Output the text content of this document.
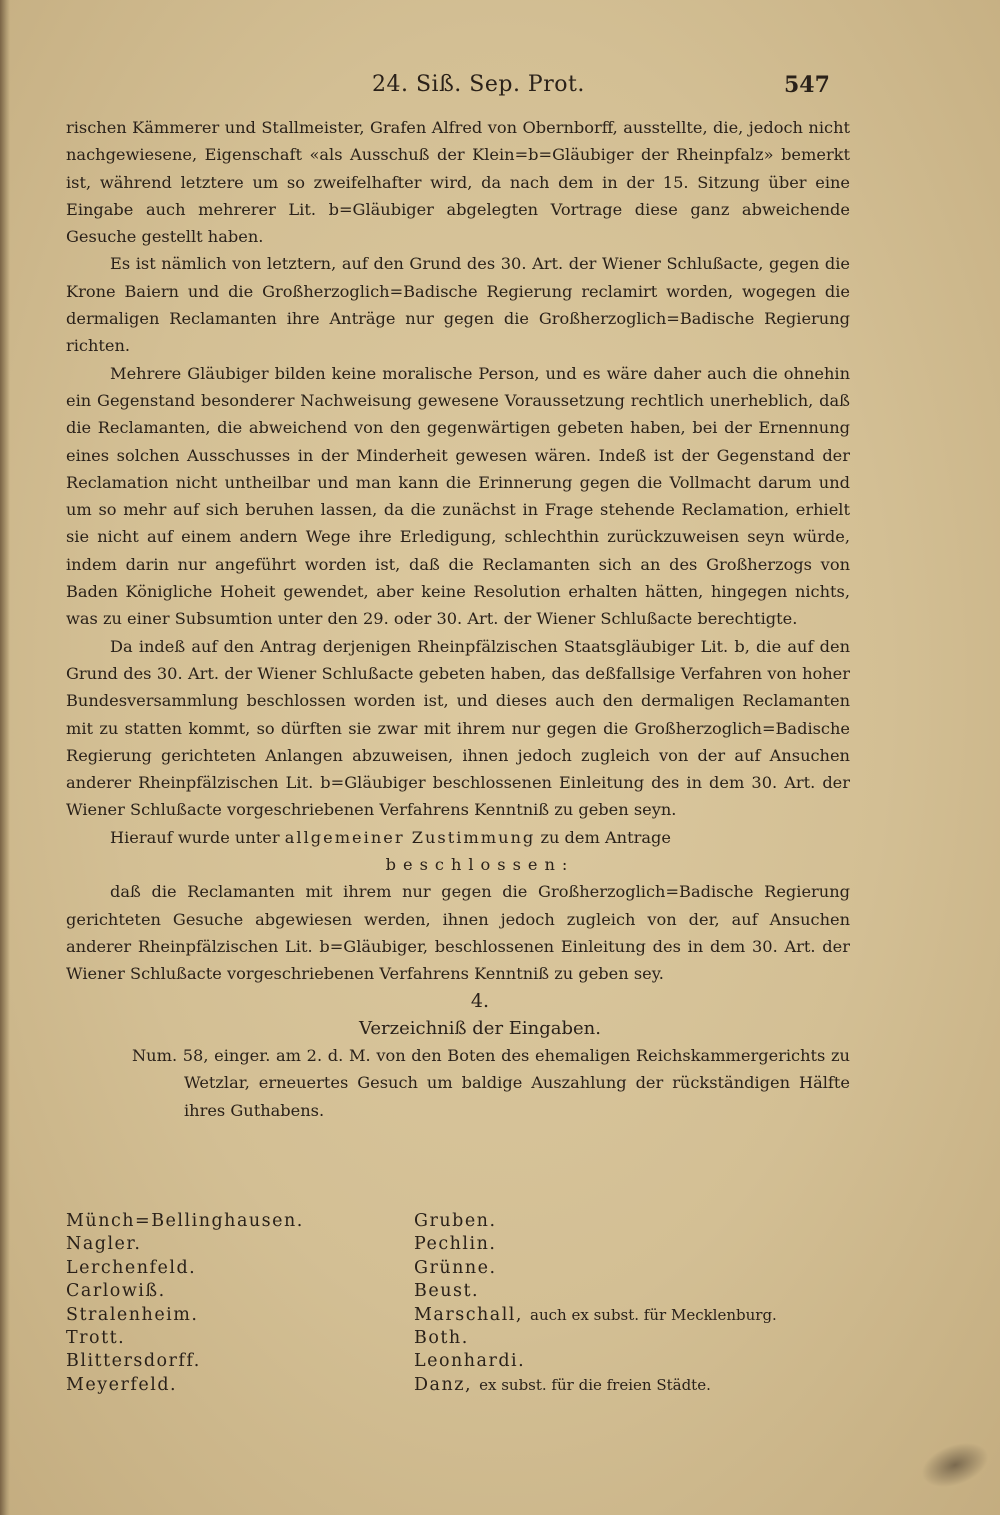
24. Siß. Sep. Prot.	547

rischen Kämmerer und Stallmeister, Grafen Alfred von Obernborff, ausstellte, die, jedoch nicht nachgewiesene, Eigenschaft «als Ausschuß der Klein=b=Gläubiger der Rheinpfalz» bemerkt ist, während letztere um so zweifelhafter wird, da nach dem in der 15. Sitzung über eine Eingabe auch mehrerer Lit. b=Gläubiger abgelegten Vortrage diese ganz abweichende Gesuche gestellt haben.

Es ist nämlich von letztern, auf den Grund des 30. Art. der Wiener Schlußacte, gegen die Krone Baiern und die Großherzoglich=Badische Regierung reclamirt worden, wogegen die dermaligen Reclamanten ihre Anträge nur gegen die Großherzoglich=Badische Regierung richten.

Mehrere Gläubiger bilden keine moralische Person, und es wäre daher auch die ohnehin ein Gegenstand besonderer Nachweisung gewesene Voraussetzung rechtlich unerheblich, daß die Reclamanten, die abweichend von den gegenwärtigen gebeten haben, bei der Ernennung eines solchen Ausschusses in der Minderheit gewesen wären. Indeß ist der Gegenstand der Reclamation nicht untheilbar und man kann die Erinnerung gegen die Vollmacht darum und um so mehr auf sich beruhen lassen, da die zunächst in Frage stehende Reclamation, erhielt sie nicht auf einem andern Wege ihre Erledigung, schlechthin zurückzuweisen seyn würde, indem darin nur angeführt worden ist, daß die Reclamanten sich an des Großherzogs von Baden Königliche Hoheit gewendet, aber keine Resolution erhalten hätten, hingegen nichts, was zu einer Subsumtion unter den 29. oder 30. Art. der Wiener Schlußacte berechtigte.

Da indeß auf den Antrag derjenigen Rheinpfälzischen Staatsgläubiger Lit. b, die auf den Grund des 30. Art. der Wiener Schlußacte gebeten haben, das deßfallsige Verfahren von hoher Bundesversammlung beschlossen worden ist, und dieses auch den dermaligen Reclamanten mit zu statten kommt, so dürften sie zwar mit ihrem nur gegen die Großherzoglich=Badische Regierung gerichteten Anlangen abzuweisen, ihnen jedoch zugleich von der auf Ansuchen anderer Rheinpfälzischen Lit. b=Gläubiger beschlossenen Einleitung des in dem 30. Art. der Wiener Schlußacte vorgeschriebenen Verfahrens Kenntniß zu geben seyn.

Hierauf wurde unter allgemeiner Zustimmung zu dem Antrage

beschlossen:

daß die Reclamanten mit ihrem nur gegen die Großherzoglich=Badische Regierung gerichteten Gesuche abgewiesen werden, ihnen jedoch zugleich von der, auf Ansuchen anderer Rheinpfälzischen Lit. b=Gläubiger, beschlossenen Einleitung des in dem 30. Art. der Wiener Schlußacte vorgeschriebenen Verfahrens Kenntniß zu geben sey.

4.

Verzeichniß der Eingaben.

Num. 58, einger. am 2. d. M. von den Boten des ehemaligen Reichskammergerichts zu Wetzlar, erneuertes Gesuch um baldige Auszahlung der rückständigen Hälfte ihres Guthabens.

Münch=Bellinghausen.
Nagler.
Lerchenfeld.
Carlowiß.
Stralenheim.
Trott.
Blittersdorff.
Meyerfeld.
Gruben.
Pechlin.
Grünne.
Beust.
Marschall, auch ex subst. für Mecklenburg.
Both.
Leonhardi.
Danz, ex subst. für die freien Städte.
